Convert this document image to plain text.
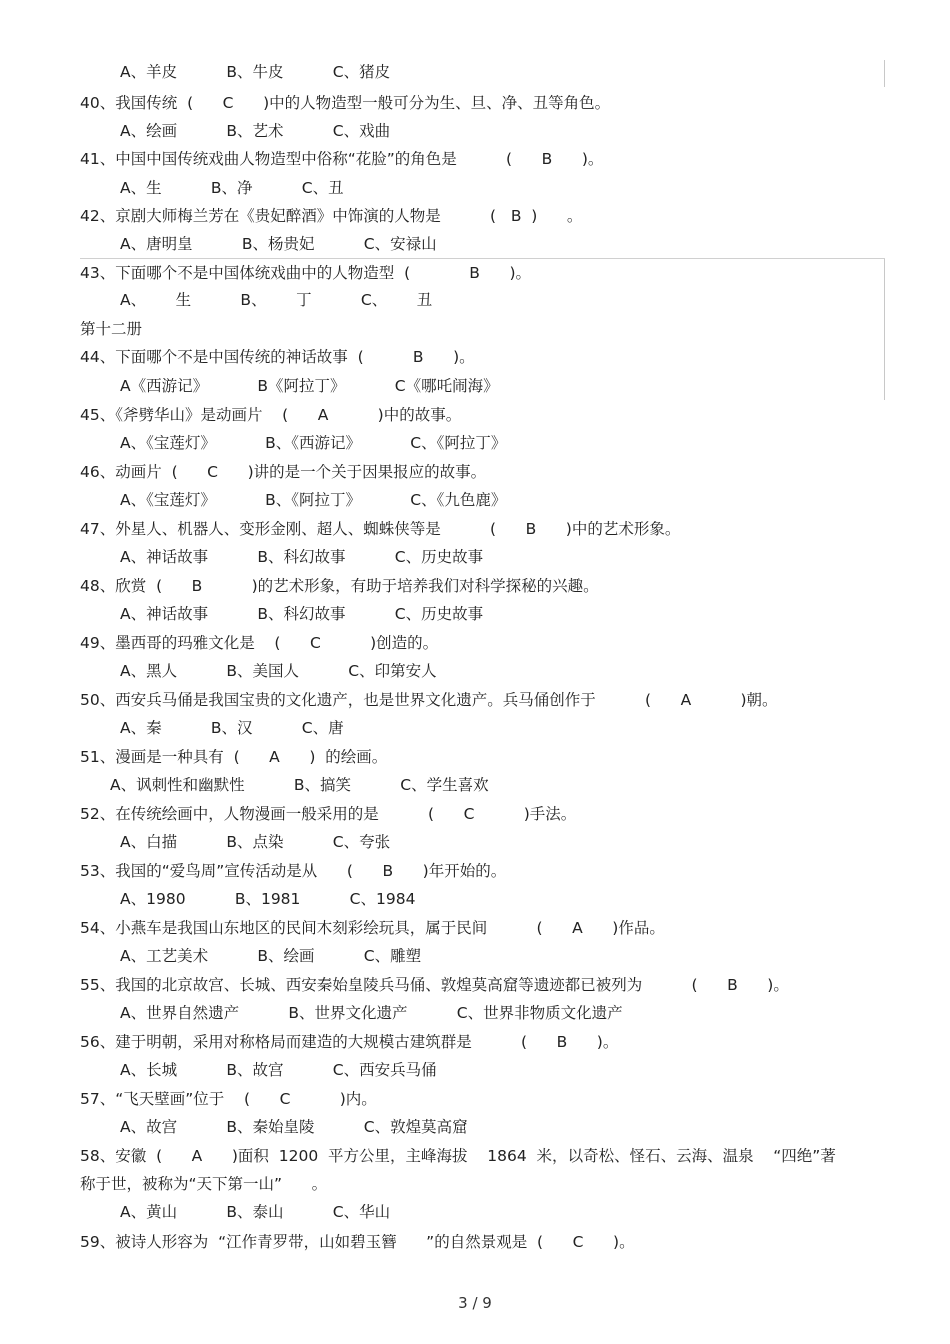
A、羊皮          B、牛皮          C、猪皮
40、我国传统  (      C      )中的人物造型一般可分为生、旦、净、丑等角色。
A、绘画          B、艺术          C、戏曲
41、中国中国传统戏曲人物造型中俗称“花脸”的角色是          (      B      )。
A、生          B、净          C、丑
42、京剧大师梅兰芳在《贵妃醉酒》中饰演的人物是          (   B  )      。
A、唐明皇          B、杨贵妃          C、安禄山
43、下面哪个不是中国体统戏曲中的人物造型  (            B      )。
A、      生          B、      丁          C、      丑
第十二册
44、下面哪个不是中国传统的神话故事  (          B      )。
A《西游记》          B《阿拉丁》          C《哪吒闹海》
45、《斧劈华山》是动画片    (      A          )中的故事。
A、《宝莲灯》          B、《西游记》          C、《阿拉丁》
46、动画片  (      C      )讲的是一个关于因果报应的故事。
A、《宝莲灯》          B、《阿拉丁》          C、《九色鹿》
47、外星人、机器人、变形金刚、超人、蜘蛛侠等是          (      B      )中的艺术形象。
A、神话故事          B、科幻故事          C、历史故事
48、欣赏  (      B          )的艺术形象，有助于培养我们对科学探秘的兴趣。
A、神话故事          B、科幻故事          C、历史故事
49、墨西哥的玛雅文化是    (      C          )创造的。
A、黑人          B、美国人          C、印第安人
50、西安兵马俑是我国宝贵的文化遗产，也是世界文化遗产。兵马俑创作于          (      A          )朝。
A、秦          B、汉          C、唐
51、漫画是一种具有  (      A      )  的绘画。
A、讽刺性和幽默性          B、搞笑          C、学生喜欢
52、在传统绘画中，人物漫画一般采用的是          (      C          )手法。
A、白描          B、点染          C、夸张
53、我国的“爱鸟周”宣传活动是从      (      B      )年开始的。
A、1980          B、1981          C、1984
54、小燕车是我国山东地区的民间木刻彩绘玩具，属于民间          (      A      )作品。
A、工艺美术          B、绘画          C、雕塑
55、我国的北京故宫、长城、西安秦始皇陵兵马俑、敦煌莫高窟等遗迹都已被列为          (      B      )。
A、世界自然遗产          B、世界文化遗产          C、世界非物质文化遗产
56、建于明朝，采用对称格局而建造的大规模古建筑群是          (      B      )。
A、长城          B、故宫          C、西安兵马俑
57、“飞天壁画”位于    (      C          )内。
A、故宫          B、秦始皇陵          C、敦煌莫高窟
58、安徽  (      A      )面积  1200  平方公里，主峰海拔    1864  米，以奇松、怪石、云海、温泉    “四绝”著
称于世，被称为“天下第一山”      。
A、黄山          B、泰山          C、华山
59、被诗人形容为  “江作青罗带，山如碧玉簪      ”的自然景观是  (      C      )。
3 / 9
